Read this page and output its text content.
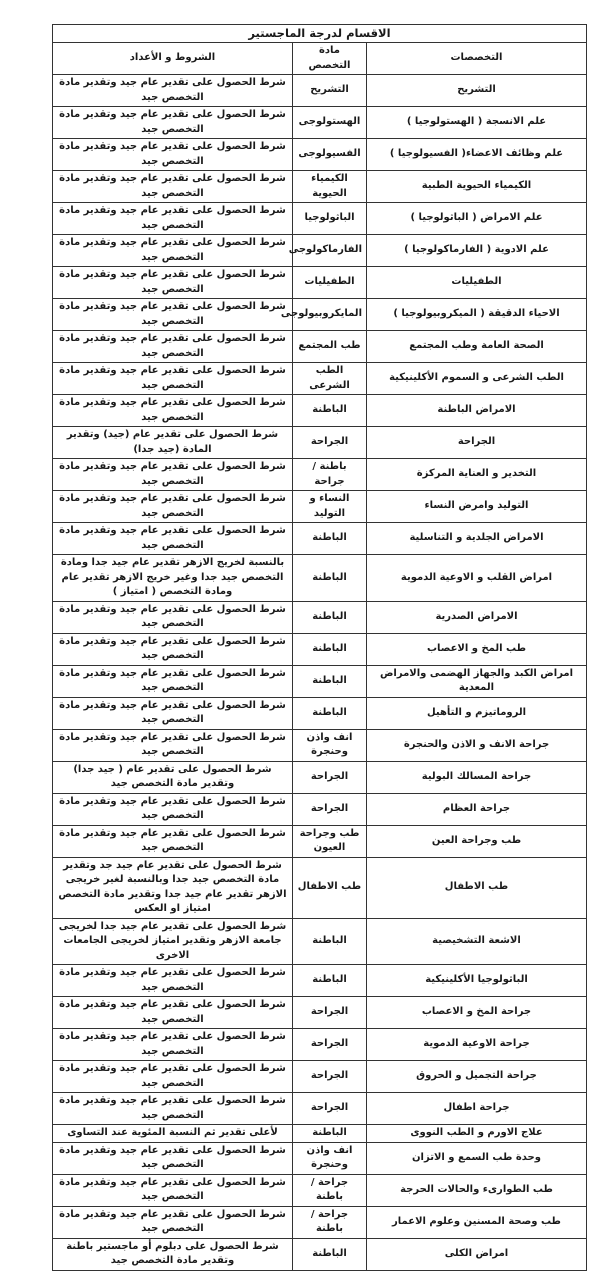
الاقسام لدرجة الماجستير		
التخصصات	مادة التخصص	الشروط و الأعداد
التشريح	التشريح	شرط الحصول على تقدير عام جيد وتقدير مادة التخصص جيد
علم الانسجة ( الهستولوجيا )	الهستولوجى	شرط الحصول على تقدير عام جيد وتقدير مادة التخصص جيد
علم وظائف الاعضاء( الفسيولوجيا )	الفسيولوجى	شرط الحصول على تقدير عام جيد وتقدير مادة التخصص جيد
الكيمياء الحيوية الطبية	الكيمياء الحيوية	شرط الحصول على تقدير عام جيد وتقدير مادة التخصص جيد
علم الامراض ( الباثولوجيا )	الباثولوجيا	شرط الحصول على تقدير عام جيد وتقدير مادة التخصص جيد
علم الادوية ( الفارماكولوجيا )	الفارماكولوجى	شرط الحصول على تقدير عام جيد وتقدير مادة التخصص جيد
الطفيليات	الطفيليات	شرط الحصول على تقدير عام جيد وتقدير مادة التخصص جيد
الاحياء الدقيقة ( الميكروبيولوجيا )	المايكروبيولوجى	شرط الحصول على تقدير عام جيد وتقدير مادة التخصص جيد
الصحة العامة وطب المجتمع	طب المجتمع	شرط الحصول على تقدير عام جيد وتقدير مادة التخصص جيد
الطب الشرعى و السموم الأكلينيكية	الطب الشرعى	شرط الحصول على تقدير عام جيد وتقدير مادة التخصص جيد
الامراض الباطنة	الباطنة	شرط الحصول على تقدير عام جيد وتقدير مادة التخصص جيد
الجراحة	الجراحة	شرط الحصول على تقدير عام (جيد) وتقدير المادة (جيد جدا)
التخدير و العناية المركزة	باطنة / جراحة	شرط الحصول على تقدير عام جيد وتقدير مادة التخصص جيد
التوليد وامرض النساء	النساء و التوليد	شرط الحصول على تقدير عام جيد وتقدير مادة التخصص جيد
الامراض الجلدية و التناسلية	الباطنة	شرط الحصول على تقدير عام جيد وتقدير مادة التخصص جيد
امراض القلب و الاوعية الدموية	الباطنة	بالنسبة لخريج الازهر تقدير عام جيد جدا ومادة التخصص جيد جدا وغير خريج الازهر تقدير عام ومادة التخصص ( امتياز )
الامراض الصدرية	الباطنة	شرط الحصول على تقدير عام جيد وتقدير مادة التخصص جيد
طب المخ و الاعصاب	الباطنة	شرط الحصول على تقدير عام جيد وتقدير مادة التخصص جيد
امراض الكبد والجهاز الهضمى والامراض المعدية	الباطنة	شرط الحصول على تقدير عام جيد وتقدير مادة التخصص جيد
الروماتيزم و التأهيل	الباطنة	شرط الحصول على تقدير عام جيد وتقدير مادة التخصص جيد
جراحة الانف و الاذن والحنجرة	انف واذن وحنجرة	شرط الحصول على تقدير عام جيد وتقدير مادة التخصص جيد
جراحة المسالك البولية	الجراحة	شرط الحصول على تقدير عام ( جيد جدا) وتقدير مادة التخصص جيد
جراحة العظام	الجراحة	شرط الحصول على تقدير عام جيد وتقدير مادة التخصص جيد
طب وجراحة العين	طب وجراحة العيون	شرط الحصول على تقدير عام جيد وتقدير مادة التخصص جيد
طب الاطفال	طب الاطفال	شرط الحصول على تقدير عام جيد جد وتقدير مادة التخصص جيد جدا وبالنسبة لغير خريجى الازهر تقدير عام جيد جدا وتقدير مادة التخصص امتياز او العكس
الاشعة التشخيصية	الباطنة	شرط الحصول على تقدير عام جيد جدا لخريجى جامعة الازهر وتقدير امتياز لخريجى الجامعات الاخرى
الباثولوجيا الأكلينيكية	الباطنة	شرط الحصول على تقدير عام جيد وتقدير مادة التخصص جيد
جراحة المخ و الاعصاب	الجراحة	شرط الحصول على تقدير عام جيد وتقدير مادة التخصص جيد
جراحة الاوعية الدموية	الجراحة	شرط الحصول على تقدير عام جيد وتقدير مادة التخصص جيد
جراحة التجميل و الحروق	الجراحة	شرط الحصول على تقدير عام جيد وتقدير مادة التخصص جيد
جراحة اطفال	الجراحة	شرط الحصول على تقدير عام جيد وتقدير مادة التخصص جيد
علاج الاورم و الطب النووى	الباطنة	لأعلى تقدير ثم النسبة المئوية عند التساوى
وحدة طب السمع و الاتزان	انف واذن وحنجرة	شرط الحصول على تقدير عام جيد وتقدير مادة التخصص جيد
طب الطوارىء والحالات الحرجة	جراحة / باطنة	شرط الحصول على تقدير عام جيد وتقدير مادة التخصص جيد
طب وصحة المسنين وعلوم الاعمار	جراحة / باطنة	شرط الحصول على تقدير عام جيد وتقدير مادة التخصص جيد
امراض الكلى	الباطنة	شرط الحصول على دبلوم أو ماجستير باطنة وتقدير مادة التخصص جيد
